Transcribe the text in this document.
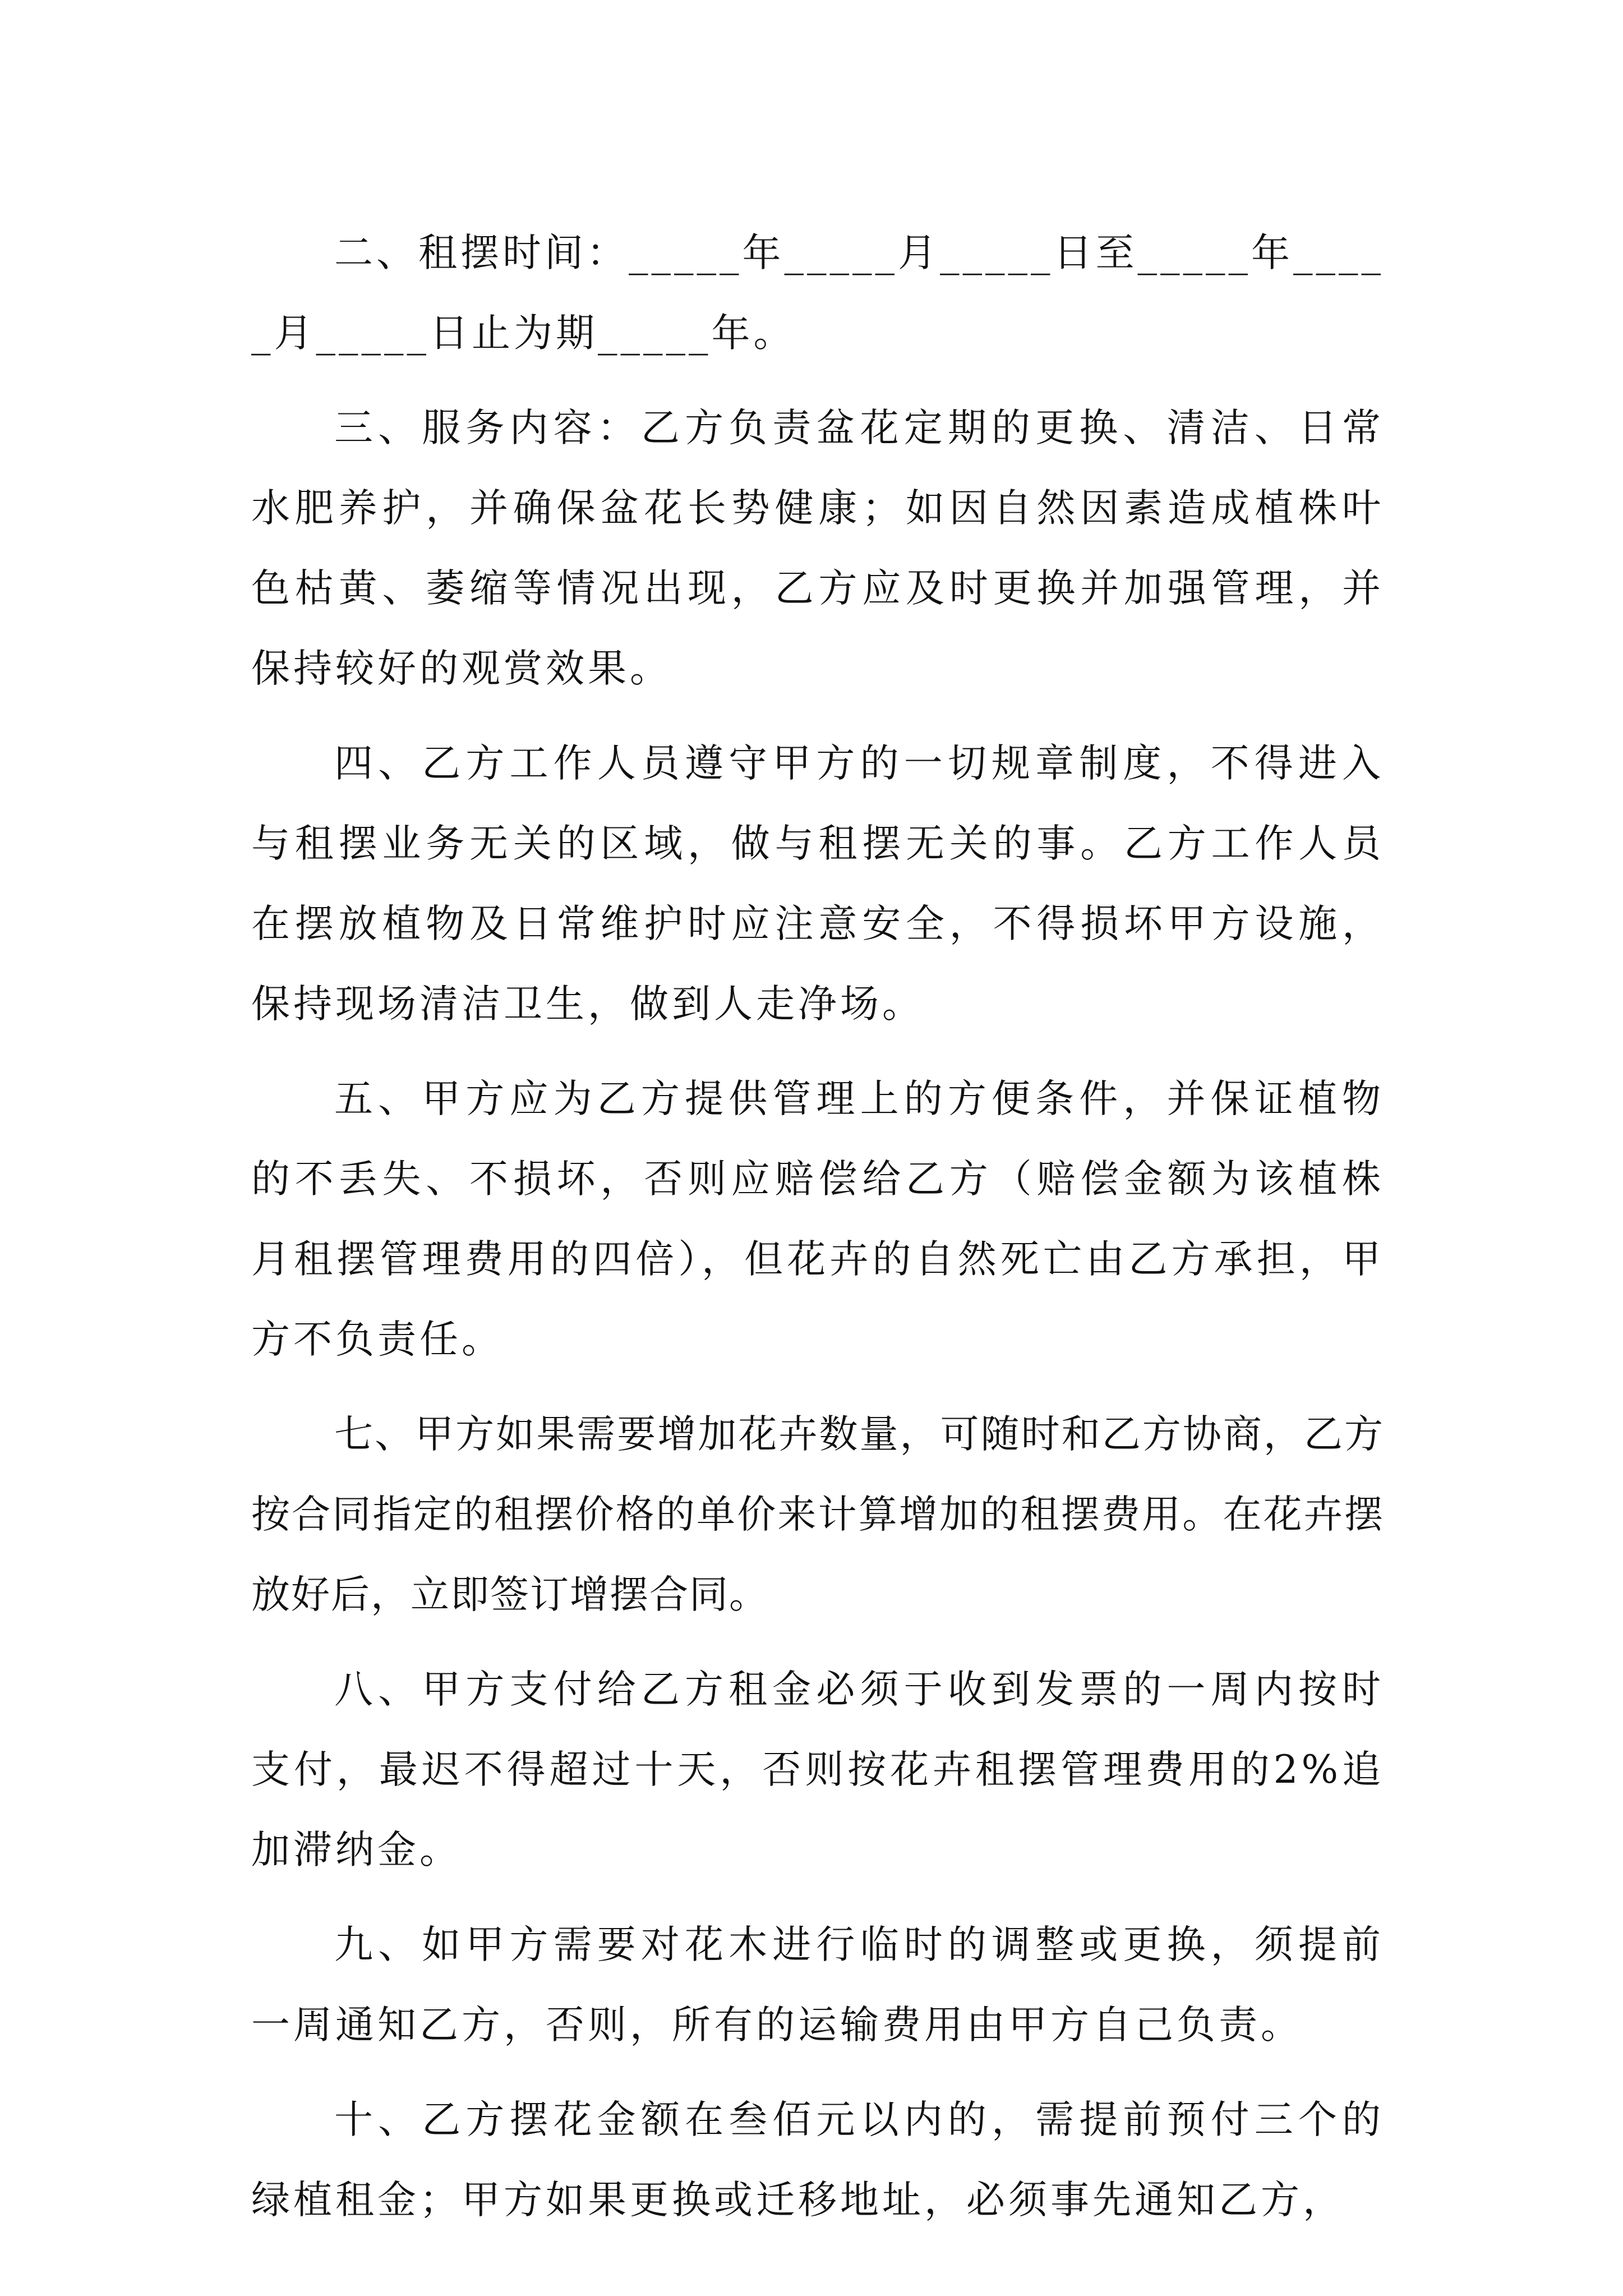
二、租摆时间：_____年_____月_____日至_____年_____月_____日止为期_____年。

三、服务内容：乙方负责盆花定期的更换、清洁、日常水肥养护，并确保盆花长势健康；如因自然因素造成植株叶色枯黄、萎缩等情况出现，乙方应及时更换并加强管理，并保持较好的观赏效果。

四、乙方工作人员遵守甲方的一切规章制度，不得进入与租摆业务无关的区域，做与租摆无关的事。乙方工作人员在摆放植物及日常维护时应注意安全，不得损坏甲方设施，保持现场清洁卫生，做到人走净场。

五、甲方应为乙方提供管理上的方便条件，并保证植物的不丢失、不损坏，否则应赔偿给乙方（赔偿金额为该植株月租摆管理费用的四倍），但花卉的自然死亡由乙方承担，甲方不负责任。

七、甲方如果需要增加花卉数量，可随时和乙方协商，乙方按合同指定的租摆价格的单价来计算增加的租摆费用。在花卉摆放好后，立即签订增摆合同。

八、甲方支付给乙方租金必须于收到发票的一周内按时支付，最迟不得超过十天，否则按花卉租摆管理费用的2%追加滞纳金。

九、如甲方需要对花木进行临时的调整或更换，须提前一周通知乙方，否则，所有的运输费用由甲方自己负责。

十、乙方摆花金额在叁佰元以内的，需提前预付三个的绿植租金；甲方如果更换或迁移地址，必须事先通知乙方，
